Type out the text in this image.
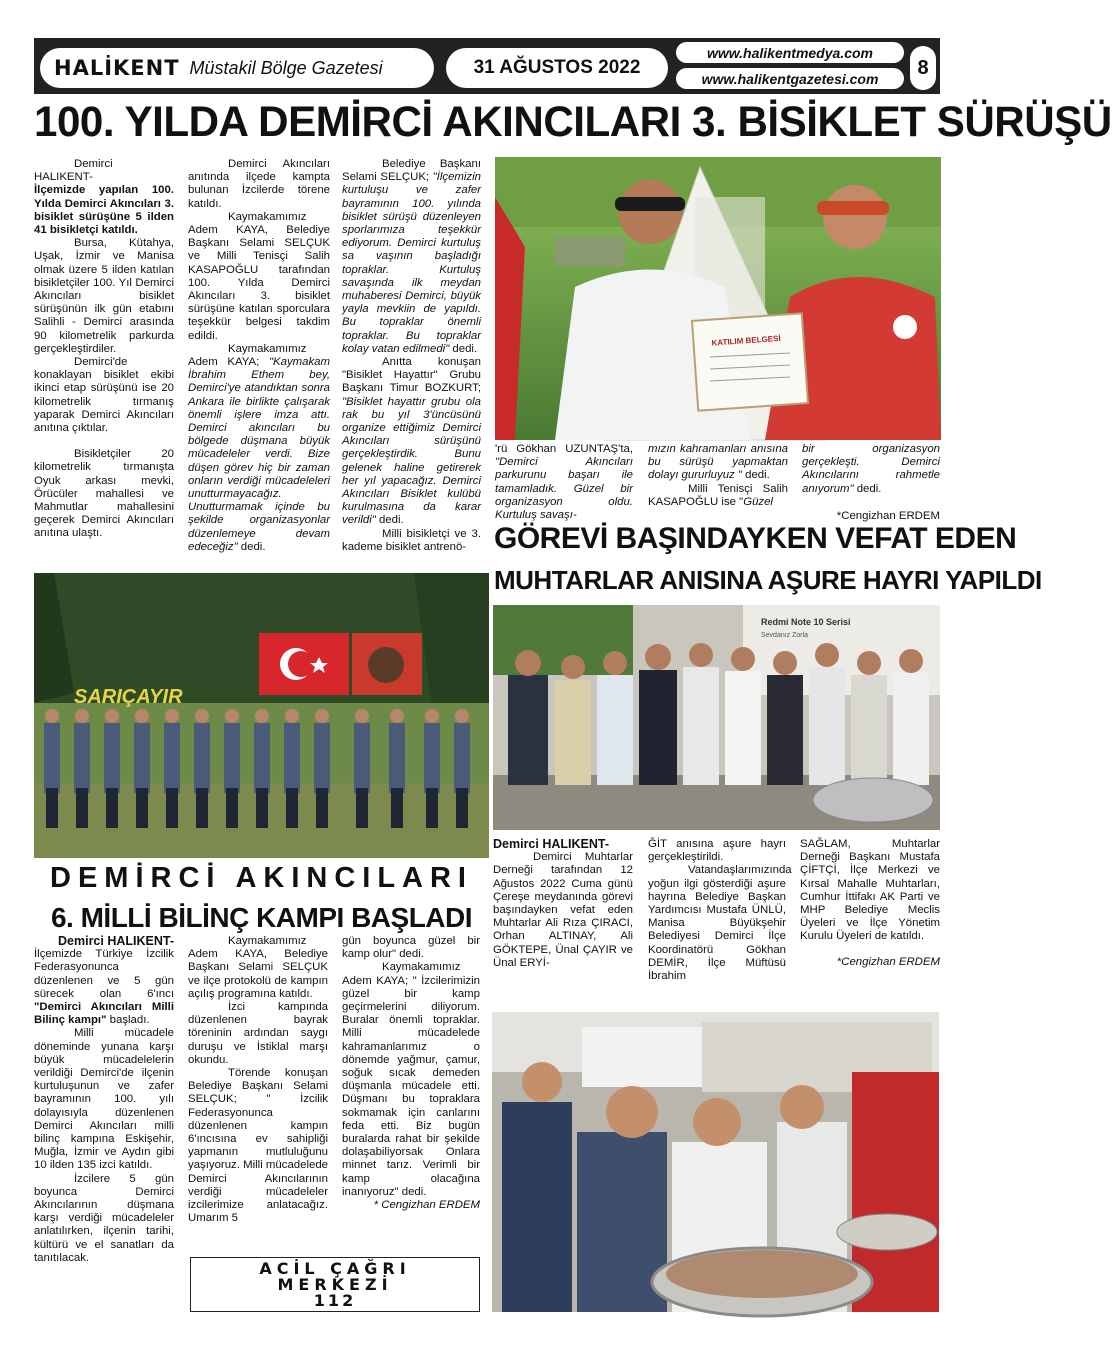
HALİKENT Müstakil Bölge Gazetesi	31 AĞUSTOS 2022
www.halikentmedya.com
www.halikentgazetesi.com	8
100. YILDA DEMİRCİ AKINCILARI 3. BİSİKLET SÜRÜŞÜ

Demirci HALIKENT-

İlçemizde yapılan 100. Yılda Demirci Akıncıları 3. bisiklet sürüşüne 5 ilden 41 bisikletçi katıldı.

Bursa, Kütahya, Uşak, İzmir ve Manisa olmak üzere 5 ilden katılan bisikletçiler 100. Yıl Demirci Akıncıları bisiklet sürüşünün ilk gün etabını Salihli - Demirci arasında 90 kilometrelik parkurda gerçekleştirdiler.

Demirci'de konaklayan bisiklet ekibi ikinci etap sürüşünü ise 20 kilometrelik tırmanış yaparak Demirci Akıncıları anıtına çıktılar.

Bisikletçiler 20 kilometrelik tırmanışta Oyuk arkası mevki, Örücüler mahallesi ve Mahmutlar mahallesini geçerek Demirci Akıncıları anıtına ulaştı.

Demirci Akıncıları anıtında ilçede kampta bulunan İzcilerde törene katıldı.

Kaymakamımız Adem KAYA, Belediye Başkanı Selami SELÇUK ve Milli Tenisçi Salih KASAPOĞLU tarafından 100. Yılda Demirci Akıncıları 3. bisiklet sürüşüne katılan sporculara teşekkür belgesi takdim edildi.

Kaymakamımız Adem KAYA; "Kaymakam İbrahim Ethem bey, Demirci'ye atandıktan sonra Ankara ile birlikte çalışarak önemli işlere imza attı. Demirci akıncıları bu bölgede düşmana büyük mücadeleler verdi. Bize düşen görev hiç bir zaman onların verdiği mücadeleleri unutturmayacağız. Unutturmamak içinde bu şekilde organizasyonlar düzenlemeye devam edeceğiz" dedi.

Belediye Başkanı Selami SELÇUK; "İlçemizin kurtuluşu ve zafer bayramının 100. yılında bisiklet sürüşü düzenleyen sporlarımıza teşekkür ediyorum. Demirci kurtuluş sa vaşının başladığı topraklar. Kurtuluş savaşında ilk meydan muhaberesi Demirci, büyük yayla mevkiin de yapıldı. Bu topraklar önemli topraklar. Bu topraklar kolay vatan edilmedi" dedi.

Anıtta konuşan "Bisiklet Hayattır" Grubu Başkanı Timur BOZKURT; "Bisiklet hayattır grubu ola rak bu yıl 3'üncüsünü organize ettiğimiz Demirci Akıncıları sürüşünü gerçekleştirdik. Bunu gelenek haline getirerek her yıl yapacağız. Demirci Akıncıları Bisiklet kulübü kurulmasına da karar verildi" dedi.

Milli bisikletçi ve 3. kademe bisiklet antrenö-

KATILIM BELGESİ

'rü Gökhan UZUNTAŞ'ta, "Demirci Akıncıları parkurunu başarı ile tamamladık. Güzel bir organizasyon oldu. Kurtuluş savaşı-

mızın kahramanları anısına bu sürüşü yapmaktan dolayı gururluyuz " dedi.

Milli Tenisçi Salih KASAPOĞLU ise "Güzel

bir organizasyon gerçekleşti. Demirci Akıncılarını rahmetle anıyorum" dedi.

*Cengizhan ERDEM

SARIÇAYIR
GÖREVİ BAŞINDAYKEN VEFAT EDEN
MUHTARLAR ANISINA AŞURE HAYRI YAPILDI
Redmi Note 10 Serisi
Sevdanız Zorla

Demirci HALIKENT-

Demirci Muhtarlar Derneği tarafından 12 Ağustos 2022 Cuma günü Çereşe meydanında görevi başındayken vefat eden Muhtarlar Ali Rıza ÇIRACI, Orhan ALTINAY, Ali GÖKTEPE, Ünal ÇAYIR ve Ünal ERYİ-

ĞİT anısına aşure hayrı gerçekleştirildi.

Vatandaşlarımızında yoğun ilgi gösterdiği aşure hayrına Belediye Başkan Yardımcısı Mustafa ÜNLÜ, Manisa Büyükşehir Belediyesi Demirci İlçe Koordinatörü Gökhan DEMİR, İlçe Müftüsü İbrahim

SAĞLAM, Muhtarlar Derneği Başkanı Mustafa ÇİFTÇİ, İlçe Merkezi ve Kırsal Mahalle Muhtarları, Cumhur İttifakı AK Parti ve MHP Belediye Meclis Üyeleri ve İlçe Yönetim Kurulu Üyeleri de katıldı.

*Cengizhan ERDEM

DEMİRCİ AKINCILARI
6. MİLLİ BİLİNÇ KAMPI BAŞLADI

Demirci HALIKENT-

İlçemizde Türkiye İzcilik Federasyonunca düzenlenen ve 5 gün sürecek olan 6'ıncı "Demirci Akıncıları Milli Bilinç kampı" başladı.

Milli mücadele döneminde yunana karşı büyük mücadelelerin verildiği Demirci'de ilçenin kurtuluşunun ve zafer bayramının 100. yılı dolayısıyla düzenlenen Demirci Akıncıları milli bilinç kampına Eskişehir, Muğla, İzmir ve Aydın gibi 10 ilden 135 izci katıldı.

İzcilere 5 gün boyunca Demirci Akıncılarının düşmana karşı verdiği mücadeleler anlatılırken, ilçenin tarihi, kültürü ve el sanatları da tanıtılacak.

Kaymakamımız Adem KAYA, Belediye Başkanı Selami SELÇUK ve ilçe protokolü de kampın açılış programına katıldı.

İzci kampında düzenlenen bayrak töreninin ardından saygı duruşu ve İstiklal marşı okundu.

Törende konuşan Belediye Başkanı Selami SELÇUK; " İzcilik Federasyonunca düzenlenen kampın 6'ıncısına ev sahipliği yapmanın mutluluğunu yaşıyoruz. Milli mücadelede Demirci Akıncılarının verdiği mücadeleler izcilerimize anlatacağız. Umarım 5

gün boyunca güzel bir kamp olur" dedi.

Kaymakamımız Adem KAYA; " İzcilerimizin güzel bir kamp geçirmelerini diliyorum. Buralar önemli topraklar. Milli mücadelede kahramanlarımız o dönemde yağmur, çamur, soğuk sıcak demeden düşmanla mücadele etti. Düşmanı bu topraklara sokmamak için canlarını feda etti. Biz bugün buralarda rahat bir şekilde dolaşabiliyorsak Onlara minnet tarız. Verimli bir kamp olacağına inanıyoruz" dedi.

* Cengizhan ERDEM

ACİL ÇAĞRI
MERKEZİ
112
